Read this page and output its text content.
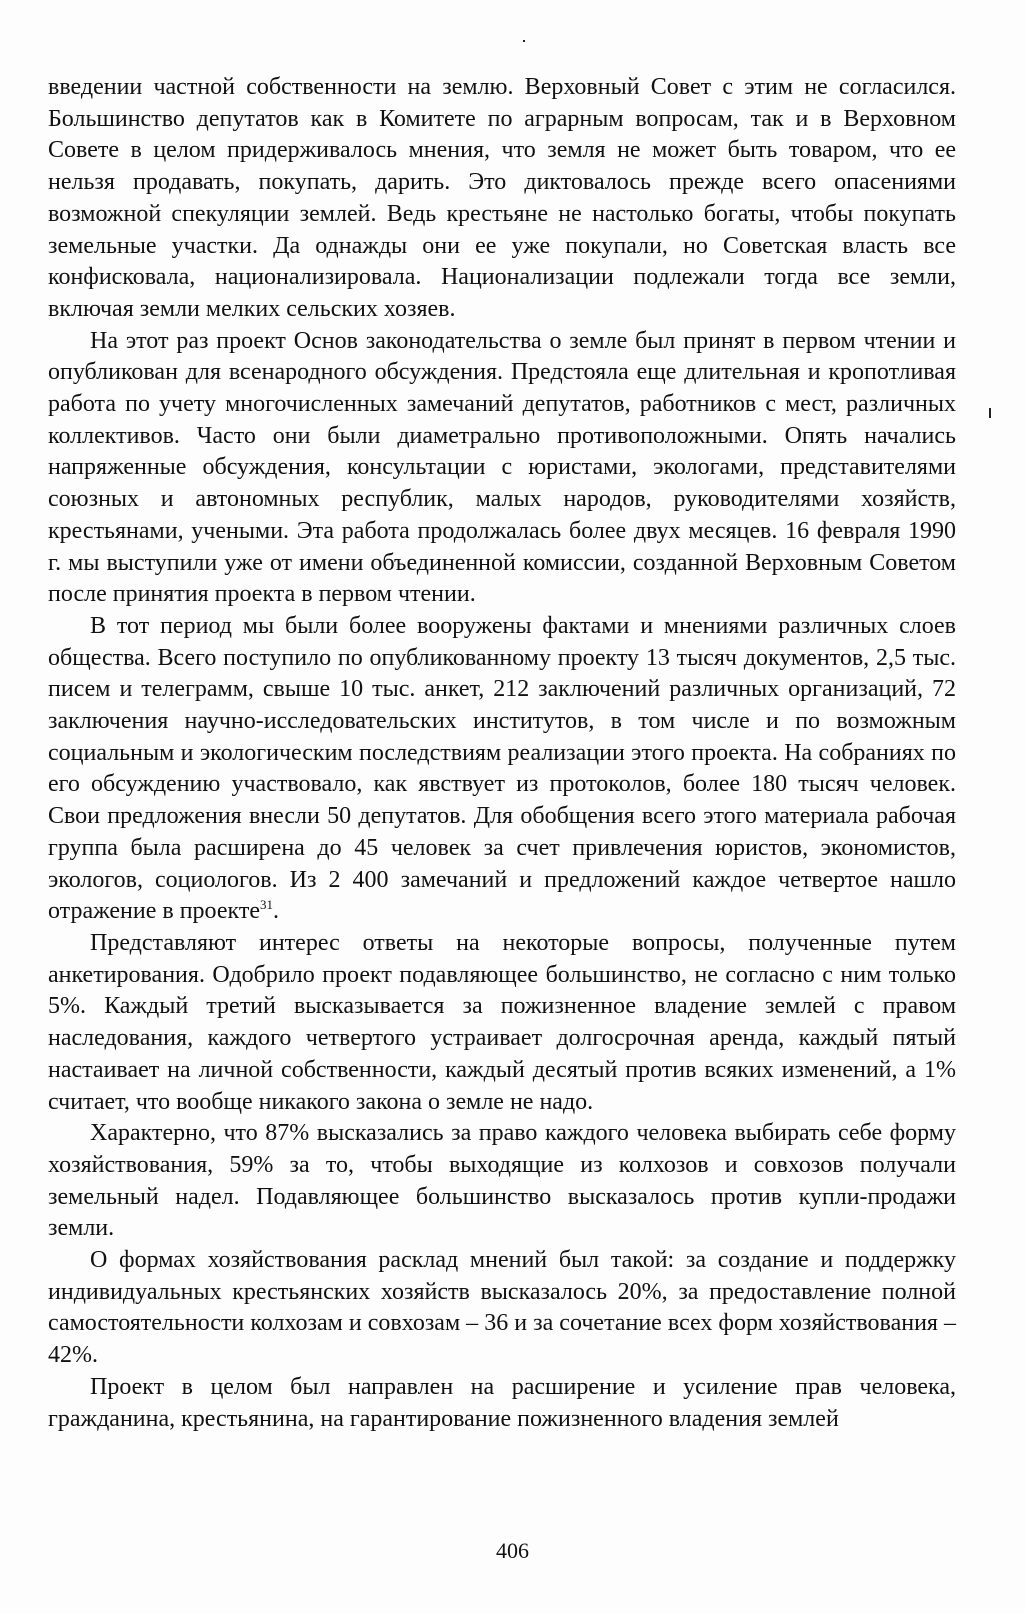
введении частной собственности на землю. Верховный Совет с этим не согласился. Большинство депутатов как в Комитете по аграрным вопросам, так и в Верховном Совете в целом придерживалось мнения, что земля не может быть товаром, что ее нельзя продавать, покупать, дарить. Это диктовалось прежде всего опасениями возможной спекуляции землей. Ведь крестьяне не настолько богаты, чтобы покупать земельные участки. Да однажды они ее уже покупали, но Советская власть все конфисковала, национализировала. Национализации подлежали тогда все земли, включая земли мелких сельских хозяев.

На этот раз проект Основ законодательства о земле был принят в первом чтении и опубликован для всенародного обсуждения. Предстояла еще длительная и кропотливая работа по учету многочисленных замечаний депутатов, работников с мест, различных коллективов. Часто они были диаметрально противоположными. Опять начались напряженные обсуждения, консультации с юристами, экологами, представителями союзных и автономных республик, малых народов, руководителями хозяйств, крестьянами, учеными. Эта работа продолжалась более двух месяцев. 16 февраля 1990 г. мы выступили уже от имени объединенной комиссии, созданной Верховным Советом после принятия проекта в первом чтении.

В тот период мы были более вооружены фактами и мнениями различных слоев общества. Всего поступило по опубликованному проекту 13 тысяч документов, 2,5 тыс. писем и телеграмм, свыше 10 тыс. анкет, 212 заключений различных организаций, 72 заключения научно-исследовательских институтов, в том числе и по возможным социальным и экологическим последствиям реализации этого проекта. На собраниях по его обсуждению участвовало, как явствует из протоколов, более 180 тысяч человек. Свои предложения внесли 50 депутатов. Для обобщения всего этого материала рабочая группа была расширена до 45 человек за счет привлечения юристов, экономистов, экологов, социологов. Из 2 400 замечаний и предложений каждое четвертое нашло отражение в проекте$^{31}$.

Представляют интерес ответы на некоторые вопросы, полученные путем анкетирования. Одобрило проект подавляющее большинство, не согласно с ним только 5%. Каждый третий высказывается за пожизненное владение землей с правом наследования, каждого четвертого устраивает долгосрочная аренда, каждый пятый настаивает на личной собственности, каждый десятый против всяких изменений, а 1% считает, что вообще никакого закона о земле не надо.

Характерно, что 87% высказались за право каждого человека выбирать себе форму хозяйствования, 59% за то, чтобы выходящие из колхозов и совхозов получали земельный надел. Подавляющее большинство высказалось против купли-продажи земли.

О формах хозяйствования расклад мнений был такой: за создание и поддержку индивидуальных крестьянских хозяйств высказалось 20%, за предоставление полной самостоятельности колхозам и совхозам – 36 и за сочетание всех форм хозяйствования – 42%.

Проект в целом был направлен на расширение и усиление прав человека, гражданина, крестьянина, на гарантирование пожизненного владения землей

406
